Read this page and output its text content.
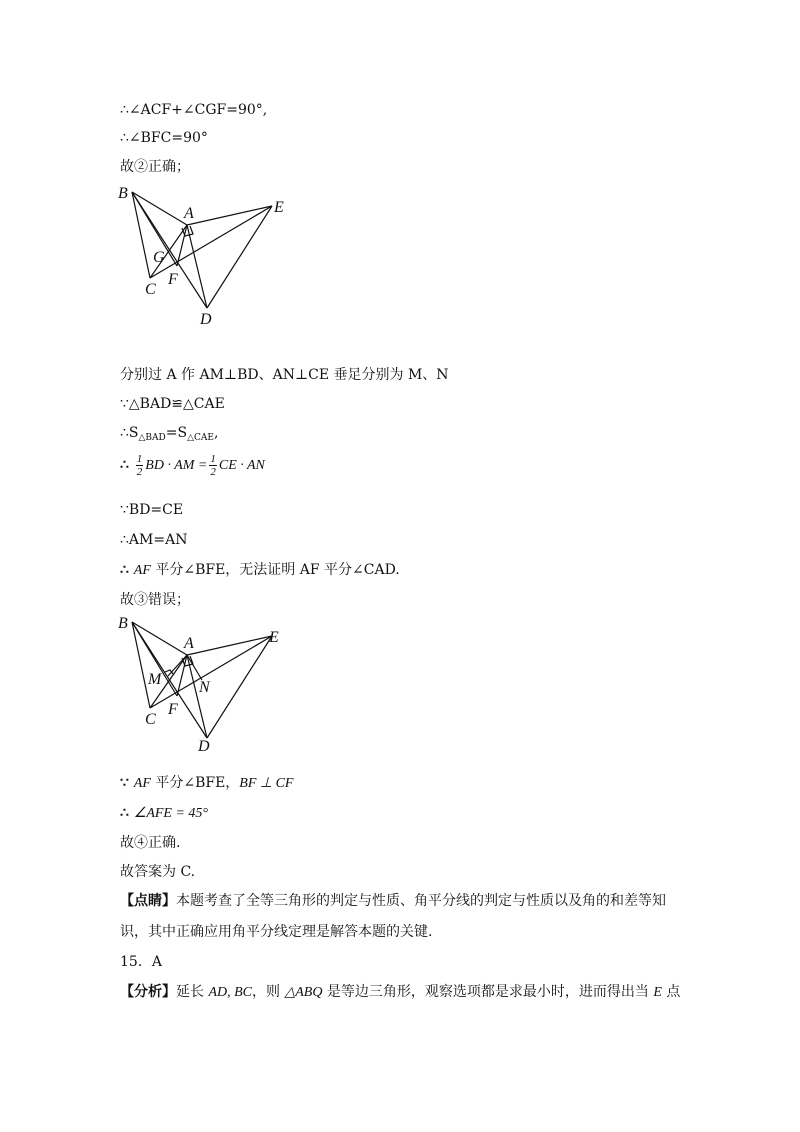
∴∠ACF+∠CGF=90°,
∴∠BFC=90°
故②正确；
B
A	E
G
F
C
D
分别过 A 作 AM⊥BD、AN⊥CE 垂足分别为 M、N
∵△BAD≌△CAE
$\therefore S_{\triangle BAD}=S_{\triangle CAE}$,
∴ $\frac{1}{2}$ BD · AM = $\frac{1}{2}$ CE · AN
∵BD=CE
∴AM=AN
∴ AF 平分∠BFE，无法证明 AF 平分∠CAD.
故③错误；
B
A	E
M N
F
C
D
∵ AF 平分∠BFE，BF ⊥ CF
∴ ∠AFE = 45°
故④正确.
故答案为 C.
【点睛】本题考查了全等三角形的判定与性质、角平分线的判定与性质以及角的和差等知
识，其中正确应用角平分线定理是解答本题的关键.
15．A
【分析】延长 AD, BC，则 △ABQ 是等边三角形，观察选项都是求最小时，进而得出当 E 点
